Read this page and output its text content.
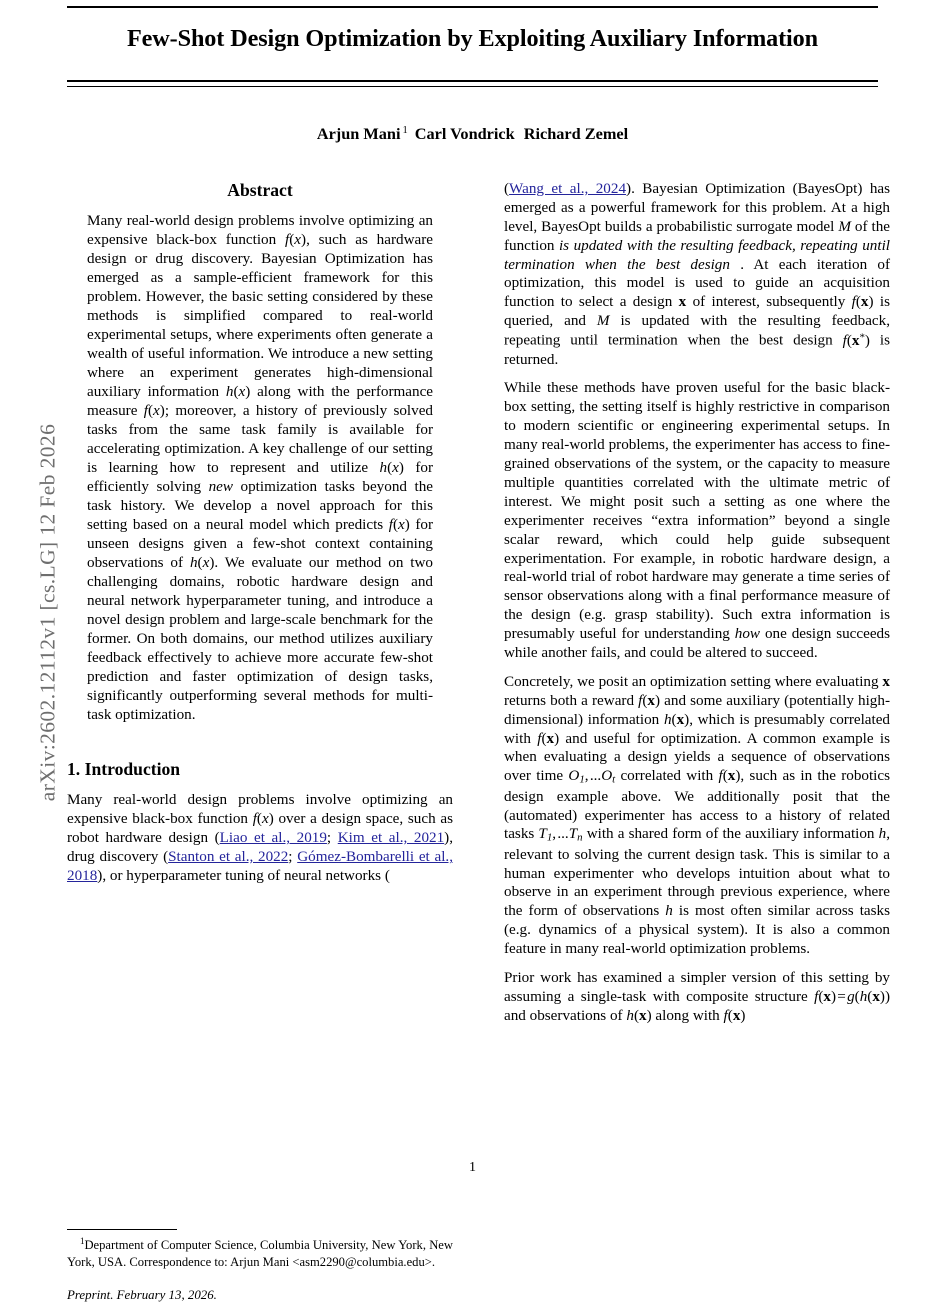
arXiv:2602.12112v1 [cs.LG] 12 Feb 2026
Few-Shot Design Optimization by Exploiting Auxiliary Information
Arjun Mani $^1$ Carl Vondrick Richard Zemel
Abstract

Many real-world design problems involve optimizing an expensive black-box function f(x), such as hardware design or drug discovery. Bayesian Optimization has emerged as a sample-efficient framework for this problem. However, the basic setting considered by these methods is simplified compared to real-world experimental setups, where experiments often generate a wealth of useful information. We introduce a new setting where an experiment generates high-dimensional auxiliary information h(x) along with the performance measure f(x); moreover, a history of previously solved tasks from the same task family is available for accelerating optimization. A key challenge of our setting is learning how to represent and utilize h(x) for efficiently solving new optimization tasks beyond the task history. We develop a novel approach for this setting based on a neural model which predicts f(x) for unseen designs given a few-shot context containing observations of h(x). We evaluate our method on two challenging domains, robotic hardware design and neural network hyperparameter tuning, and introduce a novel design problem and large-scale benchmark for the former. On both domains, our method utilizes auxiliary feedback effectively to achieve more accurate few-shot prediction and faster optimization of design tasks, significantly outperforming several methods for multi-task optimization.

1. Introduction

Many real-world design problems involve optimizing an expensive black-box function f(x) over a design space, such as robot hardware design (Liao et al., 2019; Kim et al., 2021), drug discovery (Stanton et al., 2022; Gómez-Bombarelli et al., 2018), or hyperparameter tuning of neural networks (

$^1$Department of Computer Science, Columbia University, New York, New York, USA. Correspondence to: Arjun Mani <asm2290@columbia.edu>.

Preprint. February 13, 2026.

(Wang et al., 2024). Bayesian Optimization (BayesOpt) has emerged as a powerful framework for this problem. At a high level, BayesOpt builds a probabilistic surrogate model M of the function is updated with the resulting feedback, repeating until termination when the best design . At each iteration of optimization, this model is used to guide an acquisition function to select a design x of interest, subsequently f(x) is queried, and M is updated with the resulting feedback, repeating until termination when the best design f(x*) is returned.

While these methods have proven useful for the basic black-box setting, the setting itself is highly restrictive in comparison to modern scientific or engineering experimental setups. In many real-world problems, the experimenter has access to fine-grained observations of the system, or the capacity to measure multiple quantities correlated with the ultimate metric of interest. We might posit such a setting as one where the experimenter receives “extra information” beyond a single scalar reward, which could help guide subsequent experimentation. For example, in robotic hardware design, a real-world trial of robot hardware may generate a time series of sensor observations along with a final performance measure of the design (e.g. grasp stability). Such extra information is presumably useful for understanding how one design succeeds while another fails, and could be altered to succeed.

Concretely, we posit an optimization setting where evaluating x returns both a reward f(x) and some auxiliary (potentially high-dimensional) information h(x), which is presumably correlated with f(x) and useful for optimization. A common example is when evaluating a design yields a sequence of observations over time $O_1$, $...O_t$ correlated with f(x), such as in the robotics design example above. We additionally posit that the (automated) experimenter has access to a history of related tasks $T_1$, $...T_n$ with a shared form of the auxiliary information h, relevant to solving the current design task. This is similar to a human experimenter who develops intuition about what to observe in an experiment through previous experience, where the form of observations h is most often similar across tasks (e.g. dynamics of a physical system). It is also a common feature in many real-world optimization problems.

Prior work has examined a simpler version of this setting by assuming a single-task with composite structure f(x) = g(h(x)) and observations of h(x) along with f(x)

1
